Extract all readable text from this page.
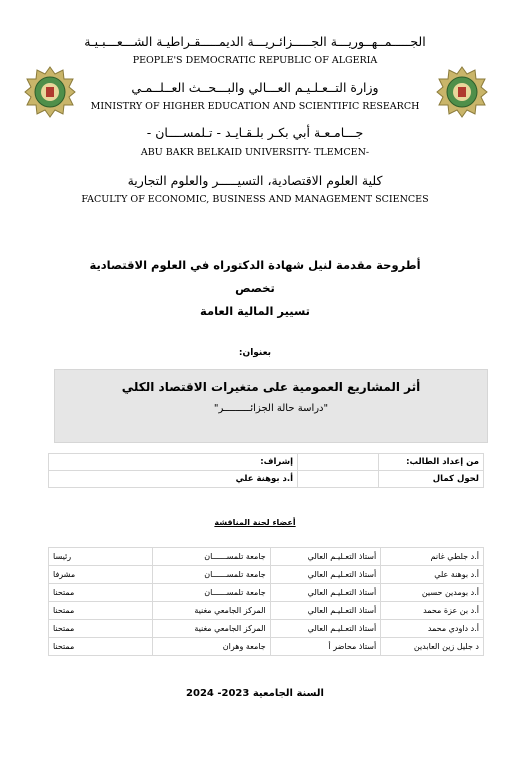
الجـــــمــهــوريـــة الجـــــزائـريـــة الديمـــــقـراطيـة الشـــعـــبـيـة
PEOPLE'S DEMOCRATIC REPUBLIC OF ALGERIA
وزارة التــعـلـيـم العـــالي والبـــحــث العــلــمـي
MINISTRY OF HIGHER EDUCATION AND SCIENTIFIC RESEARCH
جـــامـعـة أبي بكـر بلـقـايـد - تـلمســــان -
ABU BAKR BELKAID UNIVERSITY- TLEMCEN-
كلية العلوم الاقتصادية، التسيـــــر والعلوم التجارية
FACULTY OF ECONOMIC, BUSINESS AND MANAGEMENT SCIENCES
أطروحة مقدمة لنيل شهادة الدكتوراه في العلوم الاقتصادية
تخصص
تسيير المالية العامة
بعنوان:
أثر المشاريع العمومية على متغيرات الاقتصاد الكلي
"دراسة حالة الجزائـــــــــر"
من إعداد الطالب:		إشراف:
لحول كمال		أ.د بوهنة علي
أعضاء لجنة المناقشة
أ.د جلطي غانم	أستاذ التعـليـم العالي	جامعة تلمســــــان	رئيسا
أ.د بوهنة علي	أستاذ التعـليـم العالي	جامعة تلمســــــان	مشرفا
أ.د بومدين حسين	أستاذ التعـليـم العالي	جامعة تلمســــــان	ممتحنا
أ.د بن عزة محمد	أستاذ التعـليـم العالي	المركز الجامعي مغنية	ممتحنا
أ.د داودي محمد	أستاذ التعـليـم العالي	المركز الجامعي مغنية	ممتحنا
د جليل زين العابدين	أستاذ محاضر أ	جامعة وهران	ممتحنا
السنة الجامعية 2023- 2024
